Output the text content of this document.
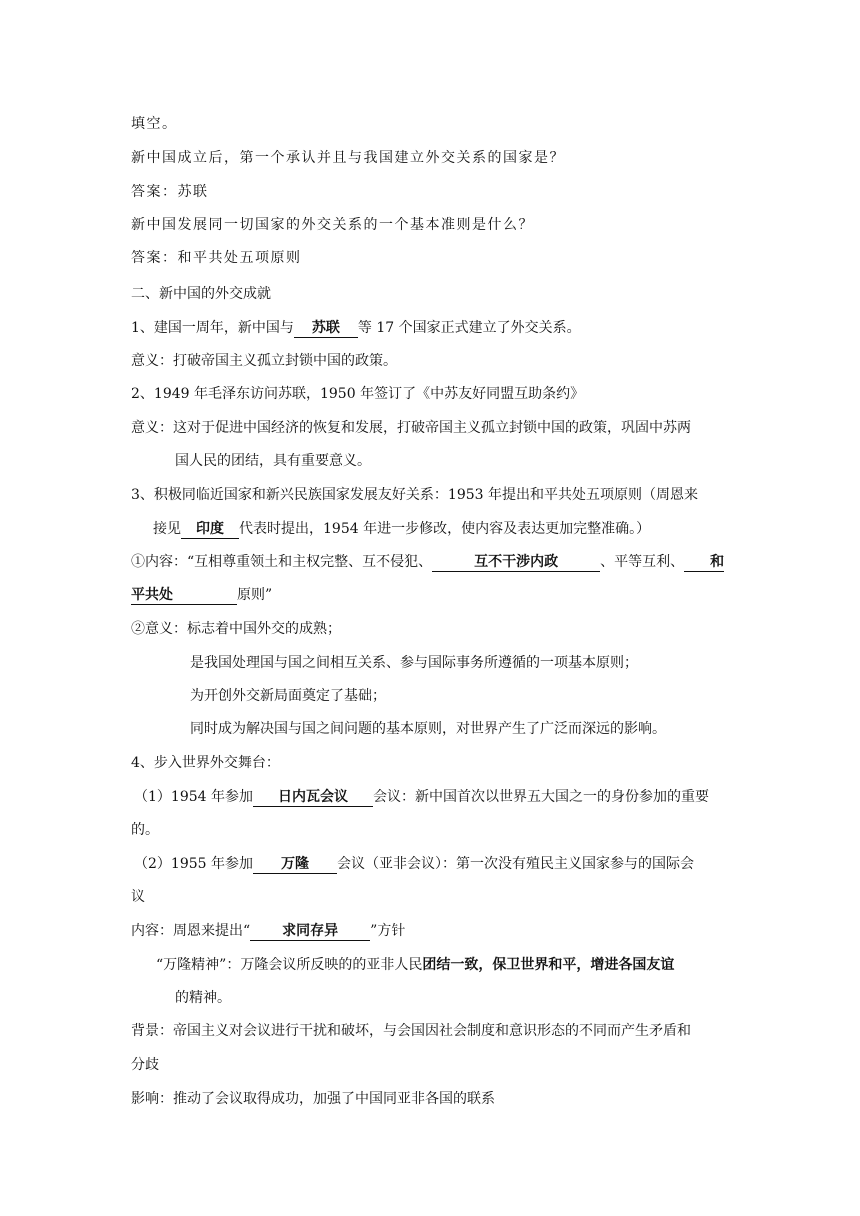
填空。
新中国成立后，第一个承认并且与我国建立外交关系的国家是？
答案：苏联
新中国发展同一切国家的外交关系的一个基本准则是什么？
答案：和平共处五项原则
二、新中国的外交成就
1、建国一周年，新中国与 苏联 等 17 个国家正式建立了外交关系。
意义：打破帝国主义孤立封锁中国的政策。
2、1949 年毛泽东访问苏联，1950 年签订了《中苏友好同盟互助条约》
意义：这对于促进中国经济的恢复和发展，打破帝国主义孤立封锁中国的政策，巩固中苏两
国人民的团结，具有重要意义。
3、积极同临近国家和新兴民族国家发展友好关系：1953 年提出和平共处五项原则（周恩来
接见 印度 代表时提出，1954 年进一步修改，使内容及表达更加完整准确。）
①内容：“互相尊重领土和主权完整、互不侵犯、	互不干涉内政	、平等互利、 和
平共处	原则”
②意义：标志着中国外交的成熟；
是我国处理国与国之间相互关系、参与国际事务所遵循的一项基本原则；
为开创外交新局面奠定了基础；
同时成为解决国与国之间问题的基本原则，对世界产生了广泛而深远的影响。
4、步入世界外交舞台：
（1）1954 年参加 日内瓦会议 会议：新中国首次以世界五大国之一的身份参加的重要
的。
（2）1955 年参加 万隆 会议（亚非会议）：第一次没有殖民主义国家参与的国际会
议
内容：周恩来提出“ 求同存异 ”方针
“万隆精神”：万隆会议所反映的的亚非人民团结一致，保卫世界和平，增进各国友谊
的精神。
背景：帝国主义对会议进行干扰和破坏，与会国因社会制度和意识形态的不同而产生矛盾和
分歧
影响：推动了会议取得成功，加强了中国同亚非各国的联系
